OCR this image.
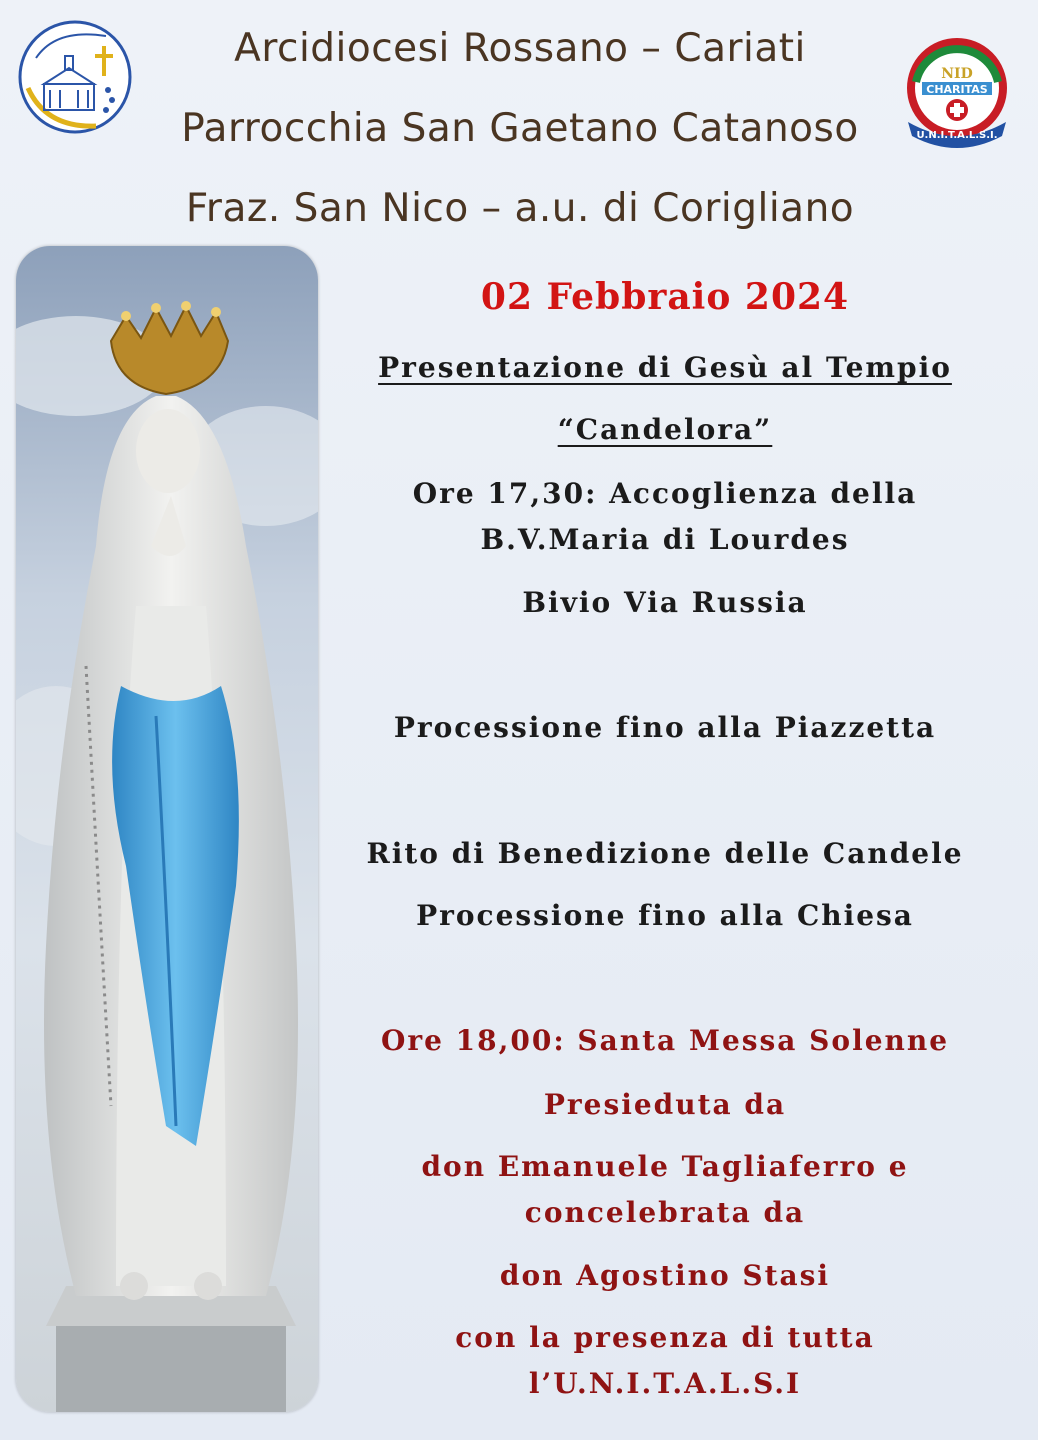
NID
CHARITAS
U.N.I.T.A.L.S.I.
Arcidiocesi Rossano – Cariati
Parrocchia San Gaetano Catanoso
Fraz. San Nico – a.u. di Corigliano
02 Febbraio 2024
Presentazione di Gesù al Tempio
“Candelora”
Ore 17,30: Accoglienza della
B.V.Maria di Lourdes
Bivio Via Russia
Processione fino alla Piazzetta
Rito di Benedizione delle Candele
Processione fino alla Chiesa
Ore 18,00: Santa Messa Solenne
Presieduta da
don Emanuele Tagliaferro e
concelebrata da
don Agostino Stasi
con la presenza di tutta
l’U.N.I.T.A.L.S.I
